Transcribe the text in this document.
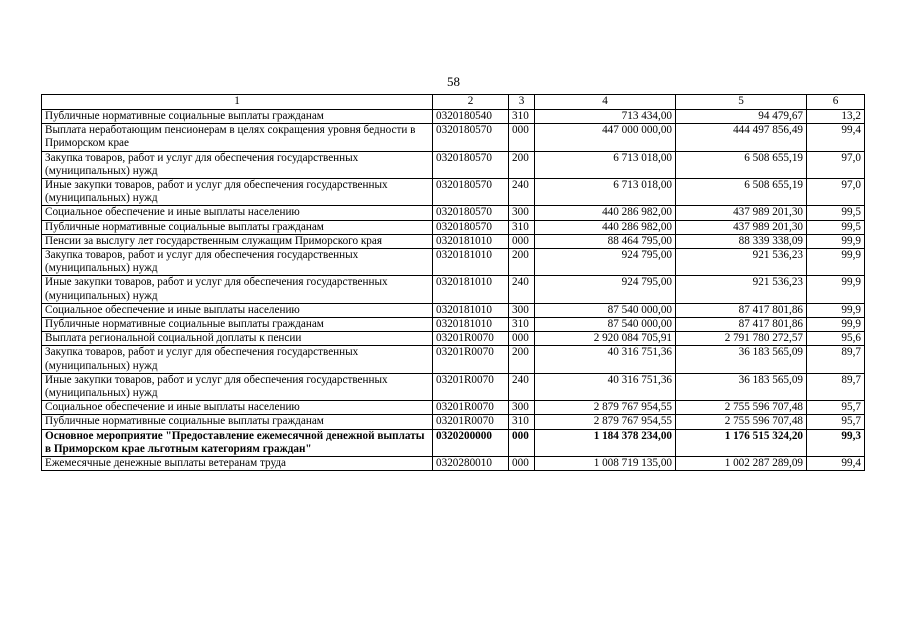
58
1	2	3	4	5	6
Публичные нормативные социальные выплаты гражданам	0320180540	310	713 434,00	94 479,67	13,2
Выплата неработающим пенсионерам в целях сокращения уровня бедности в Приморском крае	0320180570	000	447 000 000,00	444 497 856,49	99,4
Закупка товаров, работ и услуг для обеспечения государственных (муниципальных) нужд	0320180570	200	6 713 018,00	6 508 655,19	97,0
Иные закупки товаров, работ и услуг для обеспечения государственных (муниципальных) нужд	0320180570	240	6 713 018,00	6 508 655,19	97,0
Социальное обеспечение и иные выплаты населению	0320180570	300	440 286 982,00	437 989 201,30	99,5
Публичные нормативные социальные выплаты гражданам	0320180570	310	440 286 982,00	437 989 201,30	99,5
Пенсии за выслугу лет государственным служащим Приморского края	0320181010	000	88 464 795,00	88 339 338,09	99,9
Закупка товаров, работ и услуг для обеспечения государственных (муниципальных) нужд	0320181010	200	924 795,00	921 536,23	99,9
Иные закупки товаров, работ и услуг для обеспечения государственных (муниципальных) нужд	0320181010	240	924 795,00	921 536,23	99,9
Социальное обеспечение и иные выплаты населению	0320181010	300	87 540 000,00	87 417 801,86	99,9
Публичные нормативные социальные выплаты гражданам	0320181010	310	87 540 000,00	87 417 801,86	99,9
Выплата региональной социальной доплаты к пенсии	03201R0070	000	2 920 084 705,91	2 791 780 272,57	95,6
Закупка товаров, работ и услуг для обеспечения государственных (муниципальных) нужд	03201R0070	200	40 316 751,36	36 183 565,09	89,7
Иные закупки товаров, работ и услуг для обеспечения государственных (муниципальных) нужд	03201R0070	240	40 316 751,36	36 183 565,09	89,7
Социальное обеспечение и иные выплаты населению	03201R0070	300	2 879 767 954,55	2 755 596 707,48	95,7
Публичные нормативные социальные выплаты гражданам	03201R0070	310	2 879 767 954,55	2 755 596 707,48	95,7
Основное мероприятие "Предоставление ежемесячной денежной выплаты в Приморском крае льготным категориям граждан"	0320200000	000	1 184 378 234,00	1 176 515 324,20	99,3
Ежемесячные денежные выплаты ветеранам труда	0320280010	000	1 008 719 135,00	1 002 287 289,09	99,4
